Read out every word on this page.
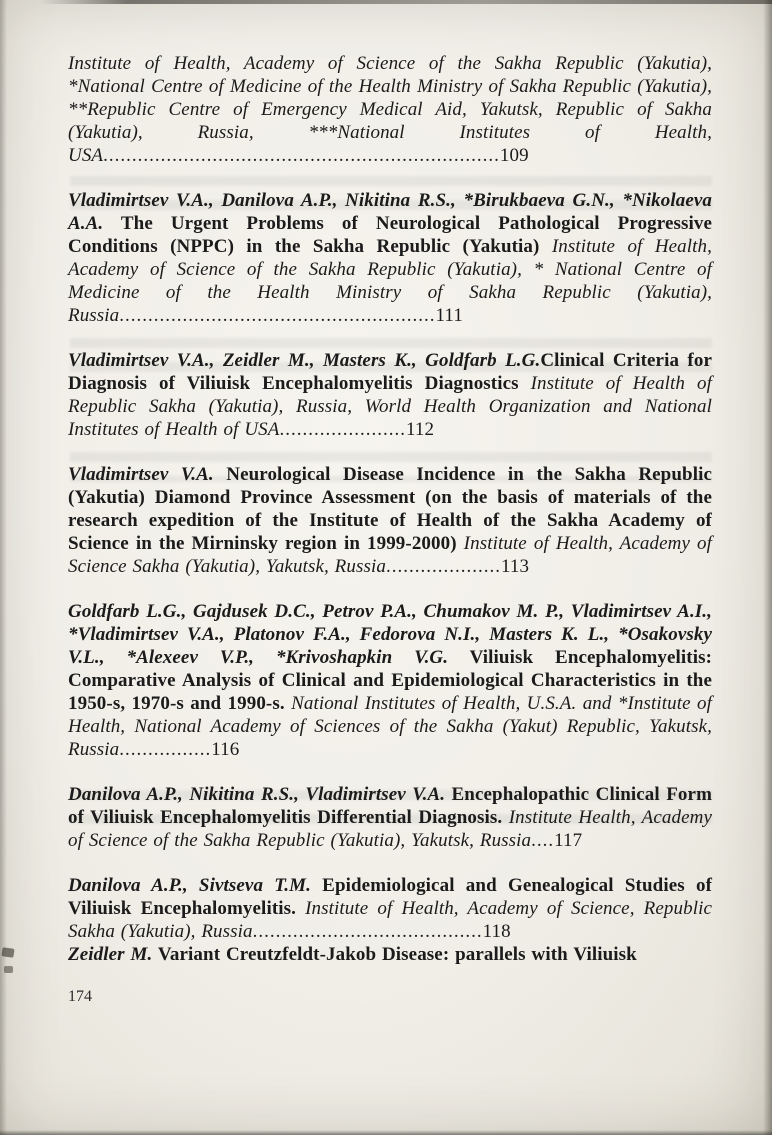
Institute of Health, Academy of Science of the Sakha Republic (Yakutia), *National Centre of Medicine of the Health Ministry of Sakha Republic (Yakutia), **Republic Centre of Emergency Medical Aid, Yakutsk, Republic of Sakha (Yakutia), Russia, ***National Institutes of Health, USA.....................................................................109

Vladimirtsev V.A., Danilova A.P., Nikitina R.S., *Birukbaeva G.N., *Nikolaeva A.A. The Urgent Problems of Neurological Pathological Progressive Conditions (NPPC) in the Sakha Republic (Yakutia) Institute of Health, Academy of Science of the Sakha Republic (Yakutia), * National Centre of Medicine of the Health Ministry of Sakha Republic (Yakutia), Russia.......................................................111

Vladimirtsev V.A., Zeidler M., Masters K., Goldfarb L.G.Clinical Criteria for Diagnosis of Viliuisk Encephalomyelitis Diagnostics Institute of Health of Republic Sakha (Yakutia), Russia, World Health Organization and National Institutes of Health of USA......................112

Vladimirtsev V.A. Neurological Disease Incidence in the Sakha Republic (Yakutia) Diamond Province Assessment (on the basis of materials of the research expedition of the Institute of Health of the Sakha Academy of Science in the Mirninsky region in 1999-2000) Institute of Health, Academy of Science Sakha (Yakutia), Yakutsk, Russia....................113

Goldfarb L.G., Gajdusek D.C., Petrov P.A., Chumakov M. P., Vladimirtsev A.I., *Vladimirtsev V.A., Platonov F.A., Fedorova N.I., Masters K. L., *Osakovsky V.L., *Alexeev V.P., *Krivoshapkin V.G. Viliuisk Encephalomyelitis: Comparative Analysis of Clinical and Epidemiological Characteristics in the 1950-s, 1970-s and 1990-s. National Institutes of Health, U.S.A. and *Institute of Health, National Academy of Sciences of the Sakha (Yakut) Republic, Yakutsk, Russia................116

Danilova A.P., Nikitina R.S., Vladimirtsev V.A. Encephalopathic Clinical Form of Viliuisk Encephalomyelitis Differential Diagnosis. Institute Health, Academy of Science of the Sakha Republic (Yakutia), Yakutsk, Russia....117

Danilova A.P., Sivtseva T.M. Epidemiological and Genealogical Studies of Viliuisk Encephalomyelitis. Institute of Health, Academy of Science, Republic Sakha (Yakutia), Russia........................................118

Zeidler M. Variant Creutzfeldt-Jakob Disease: parallels with Viliuisk

174
